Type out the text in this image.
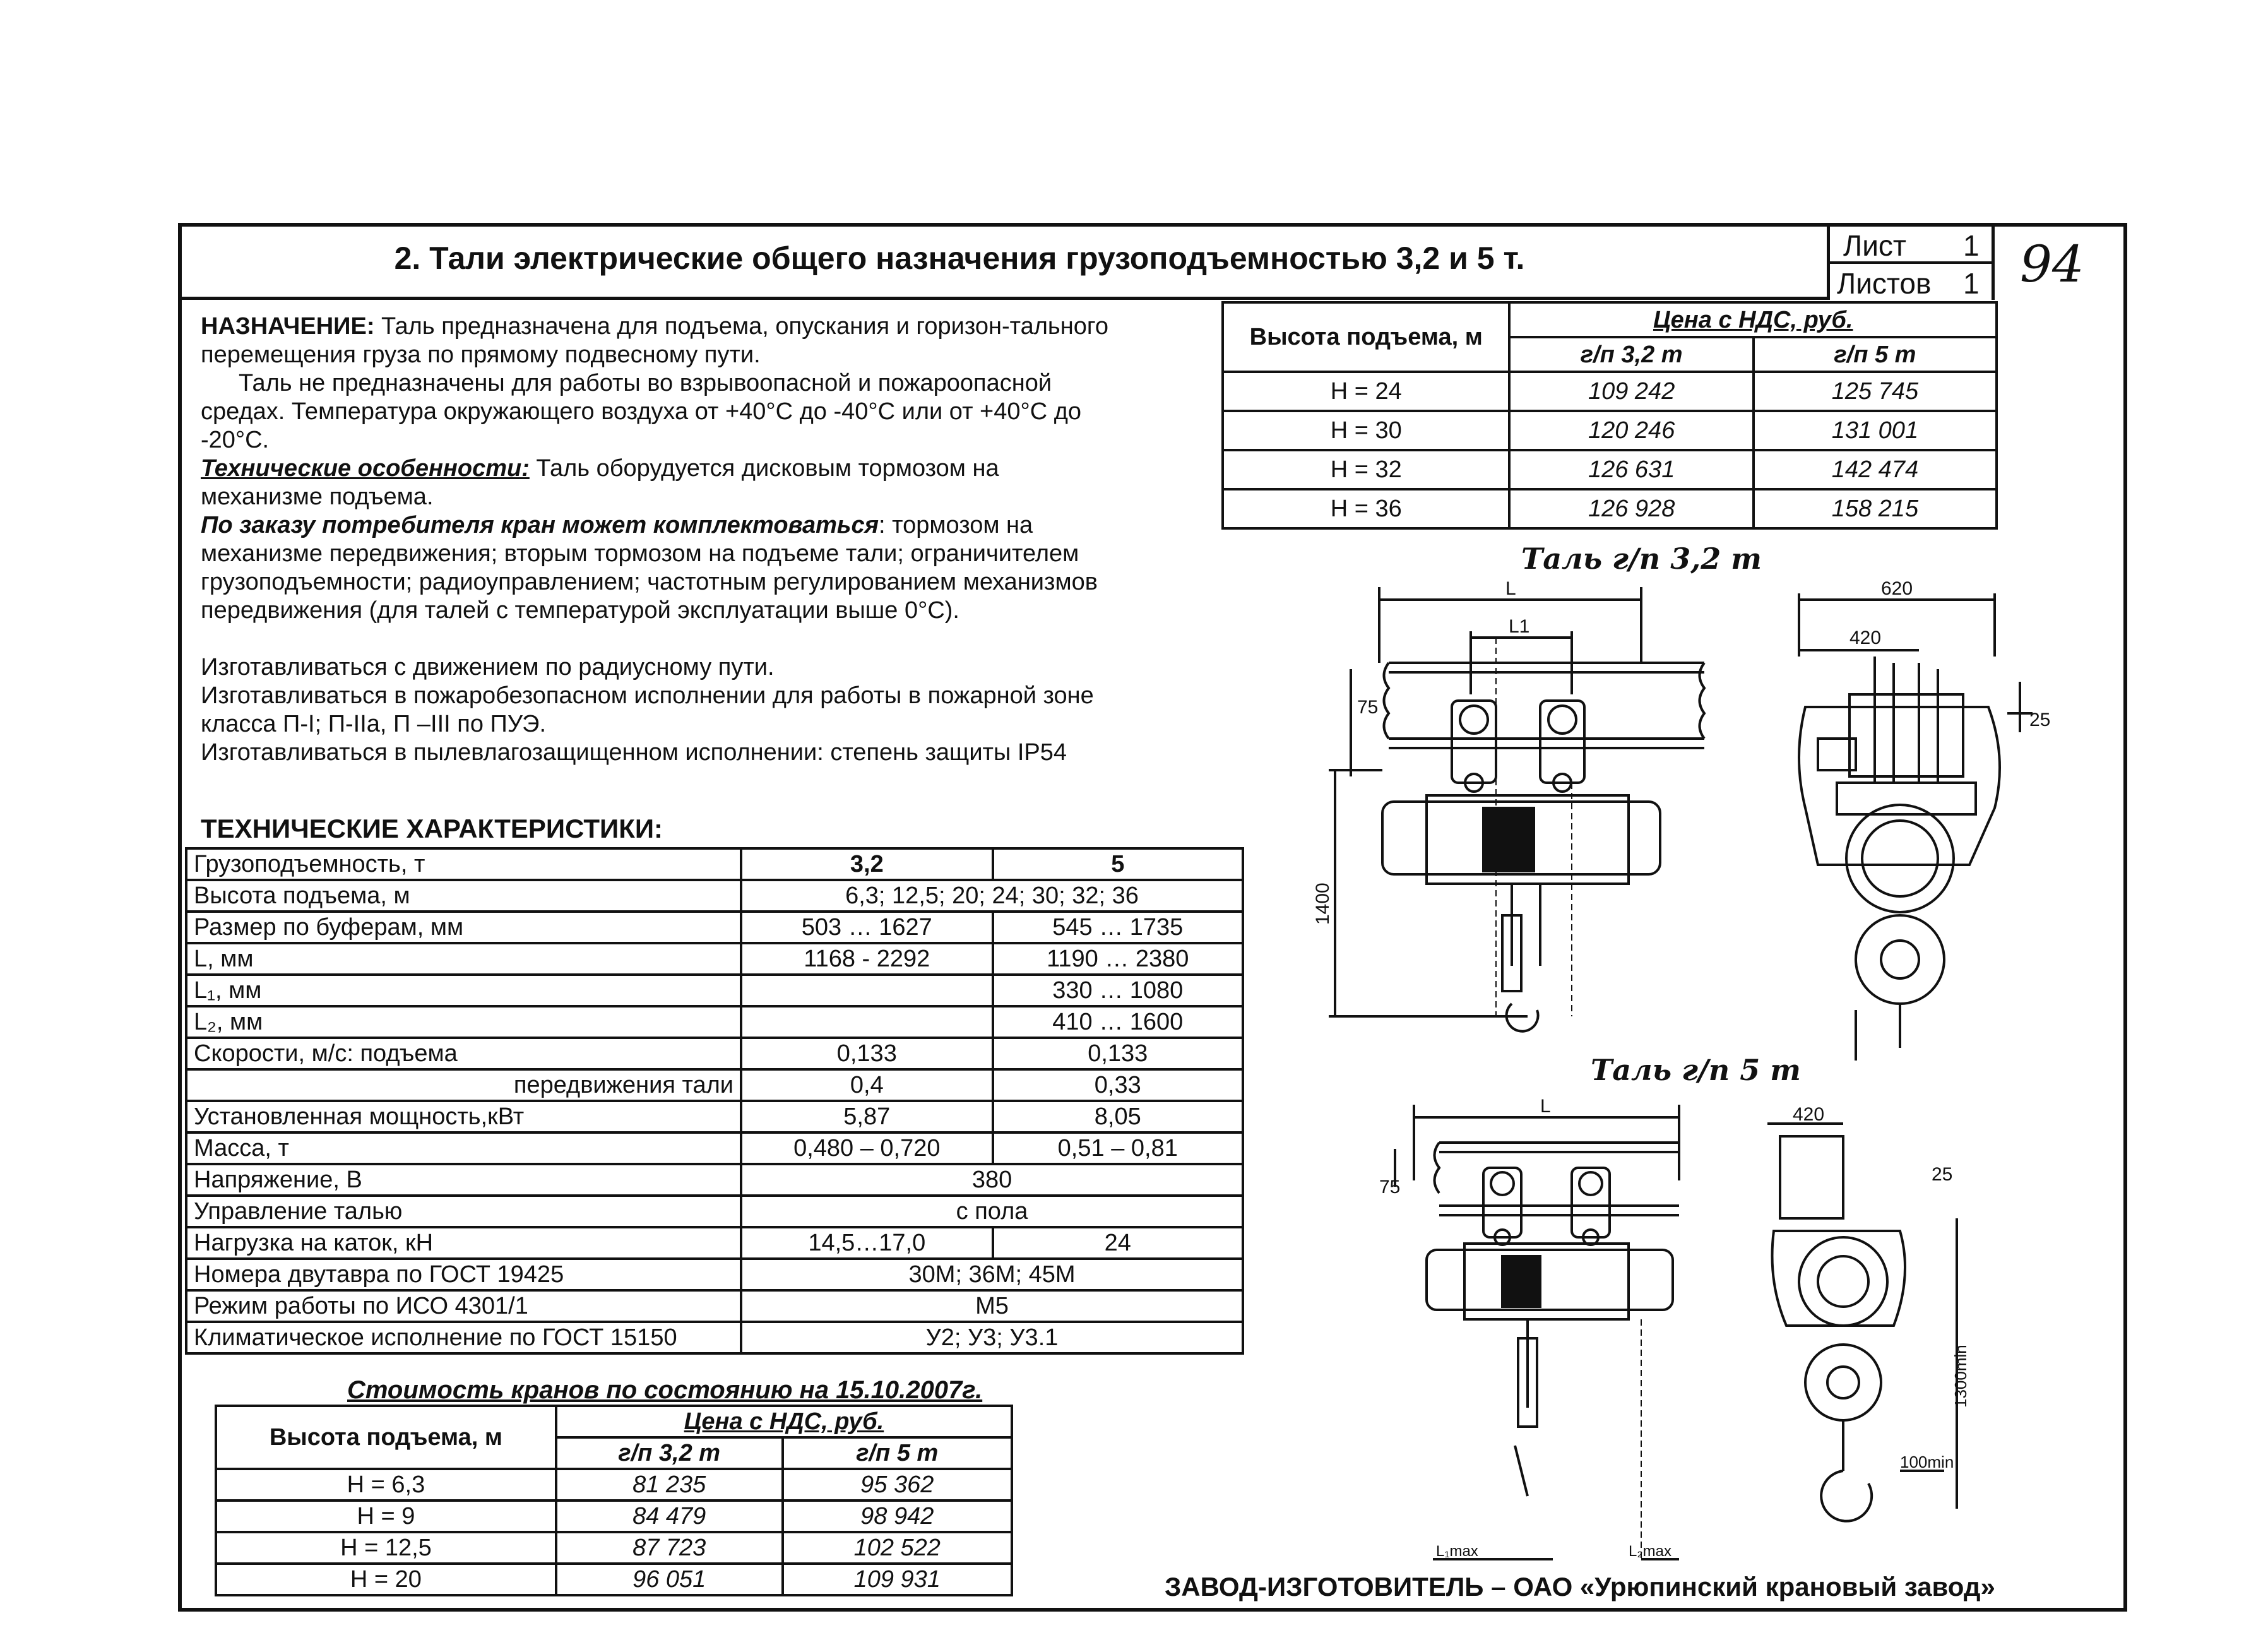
2. Тали электрические общего назначения грузоподъемностью 3,2 и 5 т.	Лист 1
Листов 1 94
НАЗНАЧЕНИЕ: Таль предназначена для подъема, опускания и горизон-тального перемещения груза по прямому подвесному пути.
Таль не предназначены для работы во взрывоопасной и пожароопасной средах. Температура окружающего воздуха от +40°С до -40°С или от +40°С до -20°С.
Технические особенности: Таль оборудуется дисковым тормозом на механизме подъема.
По заказу потребителя кран может комплектоваться: тормозом на механизме передвижения; вторым тормозом на подъеме тали; ограничителем грузоподъемности; радиоуправлением; частотным регулированием механизмов передвижения (для талей с температурой эксплуатации выше 0°С).
Изготавливаться с движением по радиусному пути.
Изготавливаться в пожаробезопасном исполнении для работы в пожарной зоне класса П-I; П-IIа, П –III по ПУЭ.
Изготавливаться в пылевлагозащищенном исполнении: степень защиты IP54
ТЕХНИЧЕСКИЕ ХАРАКТЕРИСТИКИ:
Грузоподъемность, т	3,2	5
Высота подъема, м	6,3; 12,5; 20; 24; 30; 32; 36	
Размер по буферам, мм	503 … 1627	545 … 1735
L, мм	1168 - 2292	1190 … 2380
L₁, мм		330 … 1080
L₂, мм		410 … 1600
Скорости, м/с: подъема	0,133	0,133
передвижения тали	0,4	0,33
Установленная мощность,кВт	5,87	8,05
Масса, т	0,480 – 0,720	0,51 – 0,81
Напряжение, В	380	
Управление талью	с пола	
Нагрузка на каток, кН	14,5…17,0	24
Номера двутавра по ГОСТ 19425	30М; 36М; 45М	
Режим работы по ИСО 4301/1	М5	
Климатическое исполнение по ГОСТ 15150	У2; У3; У3.1	
Стоимость кранов по состоянию на 15.10.2007г.
Высота подъема, м	Цена с НДС, руб.	
	г/п 3,2 т	г/п 5 т
H = 6,3	81 235	95 362
H = 9	84 479	98 942
H = 12,5	87 723	102 522
H = 20	96 051	109 931
Высота подъема, м	Цена с НДС, руб.	
	г/п 3,2 т	г/п 5 т
H = 24	109 242	125 745
H = 30	120 246	131 001
H = 32	126 631	142 474
H = 36	126 928	158 215
Таль г/п 3,2 т
Таль г/п 5 т
L
L1
75
1400
620
420
25
L
75
L₁max	L₂max
420
25
1300min
100min
ЗАВОД-ИЗГОТОВИТЕЛЬ – ОАО «Урюпинский крановый завод»
